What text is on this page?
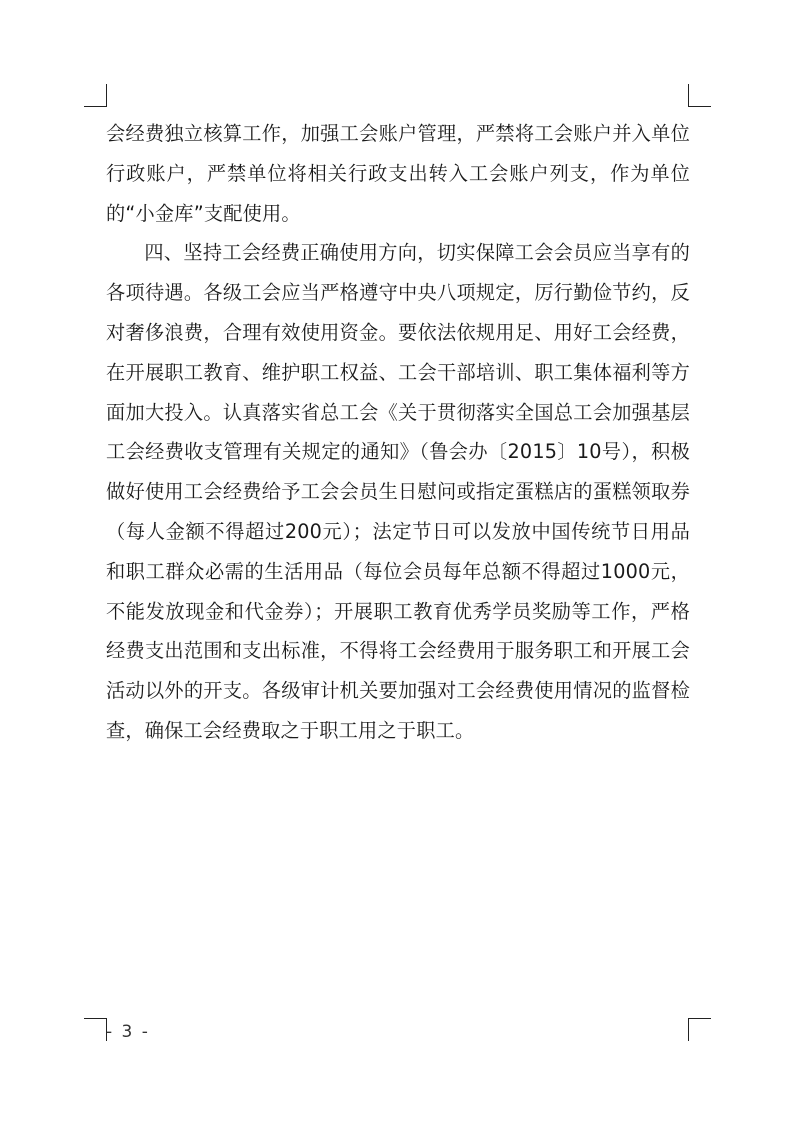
会经费独立核算工作，加强工会账户管理，严禁将工会账户并入单位行政账户，严禁单位将相关行政支出转入工会账户列支，作为单位的“小金库”支配使用。

四、坚持工会经费正确使用方向，切实保障工会会员应当享有的各项待遇。各级工会应当严格遵守中央八项规定，厉行勤俭节约，反对奢侈浪费，合理有效使用资金。要依法依规用足、用好工会经费，在开展职工教育、维护职工权益、工会干部培训、职工集体福利等方面加大投入。认真落实省总工会《关于贯彻落实全国总工会加强基层工会经费收支管理有关规定的通知》（鲁会办〔2015〕10号），积极做好使用工会经费给予工会会员生日慰问或指定蛋糕店的蛋糕领取券（每人金额不得超过200元）；法定节日可以发放中国传统节日用品和职工群众必需的生活用品（每位会员每年总额不得超过1000元，不能发放现金和代金券）；开展职工教育优秀学员奖励等工作，严格经费支出范围和支出标准，不得将工会经费用于服务职工和开展工会活动以外的开支。各级审计机关要加强对工会经费使用情况的监督检查，确保工会经费取之于职工用之于职工。

- 3 -
